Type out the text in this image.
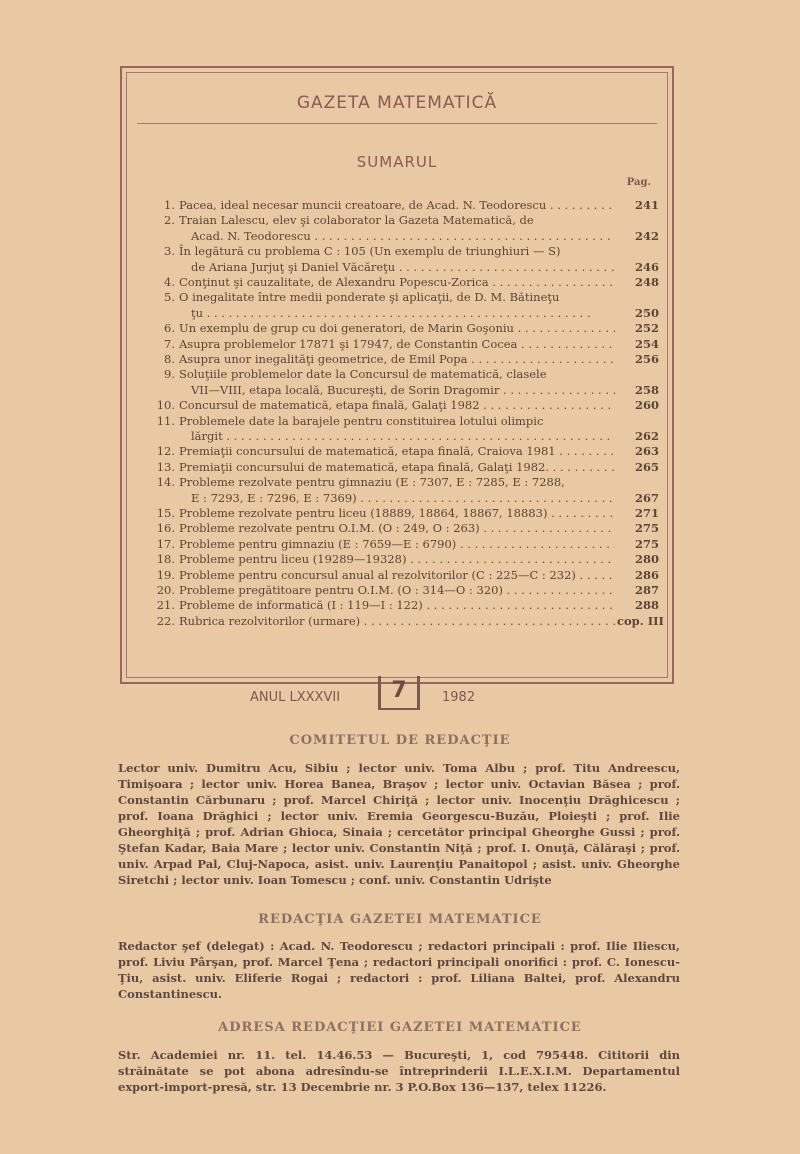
GAZETA MATEMATICĂ
SUMARUL
Pag.
1. Pacea, ideal necesar muncii creatoare, de Acad. N. Teodorescu . . .	241
2. Traian Lalescu, elev şi colaborator la Gazeta Matematică, de
Acad. N. Teodorescu . . .	242
3. În legătură cu problema C : 105 (Un exemplu de triunghiuri — S)
de Ariana Jurjuţ şi Daniel Văcăreţu . . .	246
4. Conţinut şi cauzalitate, de Alexandru Popescu-Zorica . . .	248
5. O inegalitate între medii ponderate şi aplicaţii, de D. M. Bătineţu
ţu . . .	250
6. Un exemplu de grup cu doi generatori, de Marin Goşoniu . . .	252
7. Asupra problemelor 17871 şi 17947, de Constantin Cocea . . .	254
8. Asupra unor inegalităţi geometrice, de Emil Popa . . .	256
9. Soluţiile problemelor date la Concursul de matematică, clasele
VII—VIII, etapa locală, Bucureşti, de Sorin Dragomir . . .	258
10. Concursul de matematică, etapa finală, Galaţi 1982 . . .	260
11. Problemele date la barajele pentru constituirea lotului olimpic
lărgit . . .	262
12. Premiaţii concursului de matematică, etapa finală, Craiova 1981 . . .	263
13. Premiaţii concursului de matematică, etapa finală, Galaţi 1982. . . .	265
14. Probleme rezolvate pentru gimnaziu (E : 7307, E : 7285, E : 7288,
E : 7293, E : 7296, E : 7369) . . .	267
15. Probleme rezolvate pentru liceu (18889, 18864, 18867, 18883) . . .	271
16. Probleme rezolvate pentru O.I.M. (O : 249, O : 263) . . .	275
17. Probleme pentru gimnaziu (E : 7659—E : 6790) . . .	275
18. Probleme pentru liceu (19289—19328) . . .	280
19. Probleme pentru concursul anual al rezolvitorilor (C : 225—C : 232) . . .	286
20. Probleme pregătitoare pentru O.I.M. (O : 314—O : 320) . . .	287
21. Probleme de informatică (I : 119—I : 122) . . .	288
22. Rubrica rezolvitorilor (urmare) . . .	cop. III
ANUL LXXXVII	7	1982
COMITETUL DE REDACŢIE
Lector univ. Dumitru Acu, Sibiu ; lector univ. Toma Albu ; prof. Titu Andreescu, Timişoara ; lector univ. Horea Banea, Braşov ; lector univ. Octavian Băsea ; prof. Constantin Cărbunaru ; prof. Marcel Chiriţă ; lector univ. Inocenţiu Drăghicescu ; prof. Ioana Drăghici ; lector univ. Eremia Georgescu-Buzău, Ploieşti ; prof. Ilie Gheorghiţă ; prof. Adrian Ghioca, Sinaia ; cercetător principal Gheorghe Gussi ; prof. Ştefan Kadar, Baia Mare ; lector univ. Constantin Niţă ; prof. I. Onuţă, Călăraşi ; prof. univ. Arpad Pal, Cluj-Napoca, asist. univ. Laurenţiu Panaitopol ; asist. univ. Gheorghe Siretchi ; lector univ. Ioan Tomescu ; conf. univ. Constantin Udrişte
REDACŢIA GAZETEI MATEMATICE
Redactor şef (delegat) : Acad. N. Teodorescu ; redactori principali : prof. Ilie Iliescu, prof. Liviu Pârşan, prof. Marcel Ţena ; redactori principali onorifici : prof. C. Ionescu-Ţiu, asist. univ. Eliferie Rogai ; redactori : prof. Liliana Baltei, prof. Alexandru Constantinescu.
ADRESA REDACŢIEI GAZETEI MATEMATICE
Str. Academiei nr. 11. tel. 14.46.53 — Bucureşti, 1, cod 795448. Cititorii din străinătate se pot abona adresîndu-se întreprinderii I.L.E.X.I.M. Departamentul export-import-presă, str. 13 Decembrie nr. 3 P.O.Box 136—137, telex 11226.
